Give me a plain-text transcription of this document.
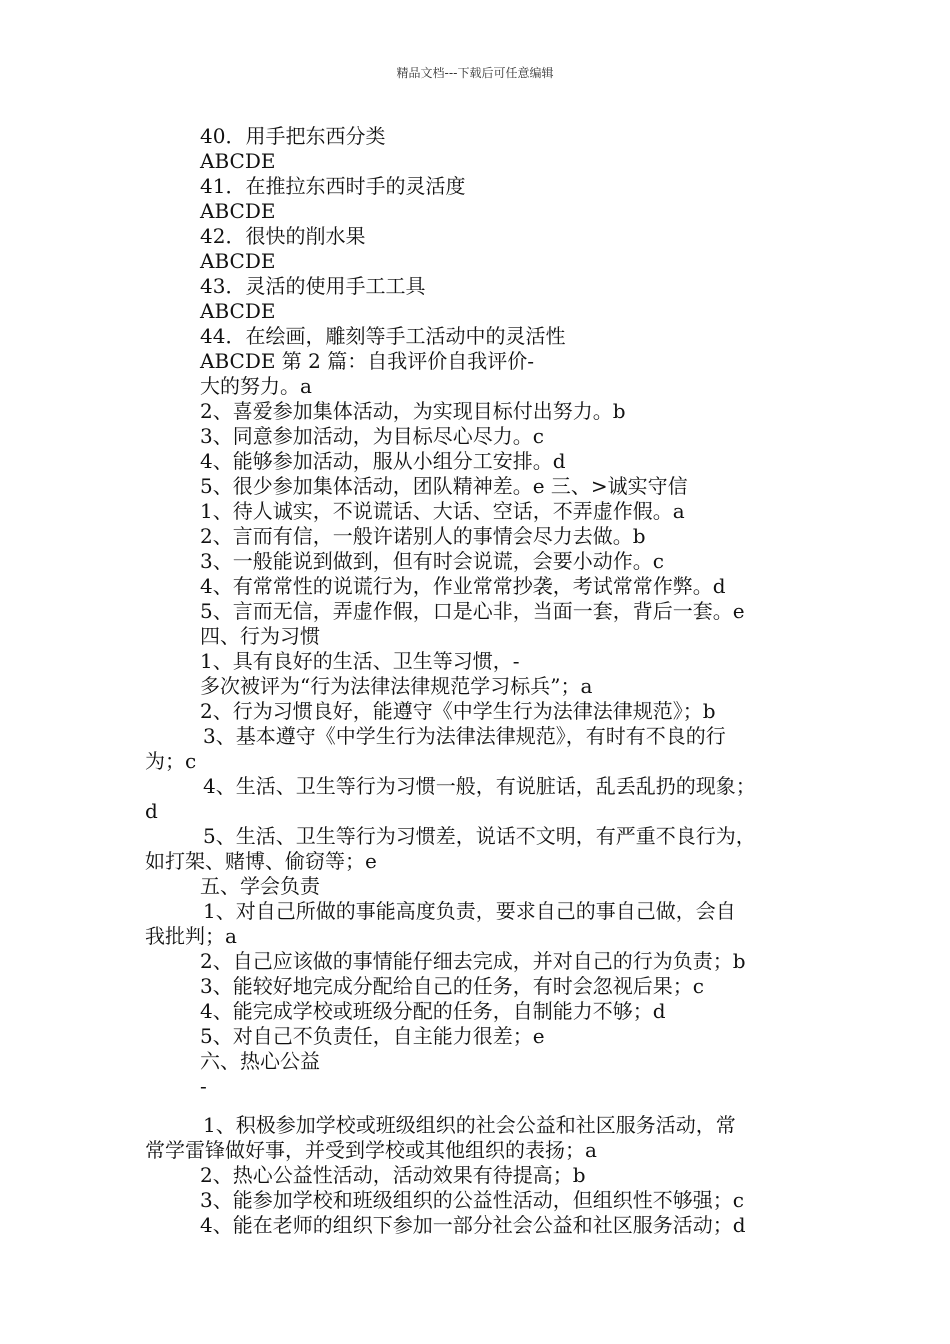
精品文档---下载后可任意编辑
40．用手把东西分类
ABCDE
41．在推拉东西时手的灵活度
ABCDE
42．很快的削水果
ABCDE
43．灵活的使用手工工具
ABCDE
44．在绘画，雕刻等手工活动中的灵活性
ABCDE 第 2 篇：自我评价自我评价-
大的努力。a
2、喜爱参加集体活动，为实现目标付出努力。b
3、同意参加活动，为目标尽心尽力。c
4、能够参加活动，服从小组分工安排。d
5、很少参加集体活动，团队精神差。e 三、>诚实守信
1、待人诚实，不说谎话、大话、空话，不弄虚作假。a
2、言而有信，一般许诺别人的事情会尽力去做。b
3、一般能说到做到，但有时会说谎，会要小动作。c
4、有常常性的说谎行为，作业常常抄袭，考试常常作弊。d
5、言而无信，弄虚作假，口是心非，当面一套，背后一套。e
四、行为习惯
1、具有良好的生活、卫生等习惯，-
多次被评为“行为法律法律规范学习标兵”；a
2、行为习惯良好，能遵守《中学生行为法律法律规范》；b
3、基本遵守《中学生行为法律法律规范》，有时有不良的行
为；c
4、生活、卫生等行为习惯一般，有说脏话，乱丢乱扔的现象；
d
5、生活、卫生等行为习惯差，说话不文明，有严重不良行为，
如打架、赌博、偷窃等；e
五、学会负责
1、对自己所做的事能高度负责，要求自己的事自己做，会自
我批判；a
2、自己应该做的事情能仔细去完成，并对自己的行为负责；b
3、能较好地完成分配给自己的任务，有时会忽视后果；c
4、能完成学校或班级分配的任务，自制能力不够；d
5、对自己不负责任，自主能力很差；e
六、热心公益
-
1、积极参加学校或班级组织的社会公益和社区服务活动，常
常学雷锋做好事，并受到学校或其他组织的表扬；a
2、热心公益性活动，活动效果有待提高；b
3、能参加学校和班级组织的公益性活动，但组织性不够强；c
4、能在老师的组织下参加一部分社会公益和社区服务活动；d
